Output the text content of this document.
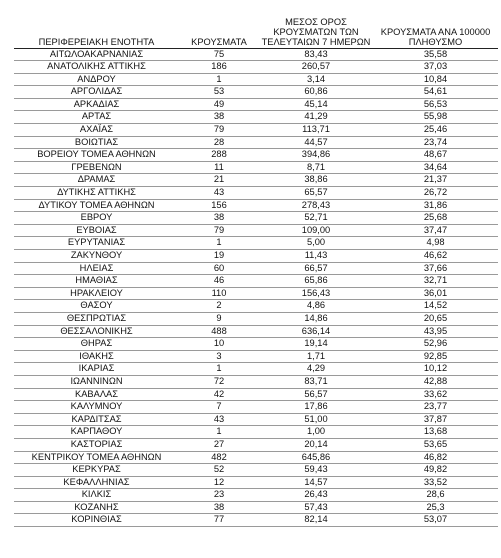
ΠΕΡΙΦΕΡΕΙΑΚΗ ΕΝΟΤΗΤΑ	ΚΡΟΥΣΜΑΤΑ	ΜΕΣΟΣ ΟΡΟΣ ΚΡΟΥΣΜΑΤΩΝ ΤΩΝ ΤΕΛΕΥΤΑΙΩΝ 7 ΗΜΕΡΩΝ	ΚΡΟΥΣΜΑΤΑ ΑΝΑ 100000 ΠΛΗΘΥΣΜΟ
ΑΙΤΩΛΟΑΚΑΡΝΑΝΙΑΣ	75	83,43	35,58
ΑΝΑΤΟΛΙΚΗΣ ΑΤΤΙΚΗΣ	186	260,57	37,03
ΑΝΔΡΟΥ	1	3,14	10,84
ΑΡΓΟΛΙΔΑΣ	53	60,86	54,61
ΑΡΚΑΔΙΑΣ	49	45,14	56,53
ΑΡΤΑΣ	38	41,29	55,98
ΑΧΑΪΑΣ	79	113,71	25,46
ΒΟΙΩΤΙΑΣ	28	44,57	23,74
ΒΟΡΕΙΟΥ ΤΟΜΕΑ ΑΘΗΝΩΝ	288	394,86	48,67
ΓΡΕΒΕΝΩΝ	11	8,71	34,64
ΔΡΑΜΑΣ	21	38,86	21,37
ΔΥΤΙΚΗΣ ΑΤΤΙΚΗΣ	43	65,57	26,72
ΔΥΤΙΚΟΥ ΤΟΜΕΑ ΑΘΗΝΩΝ	156	278,43	31,86
ΕΒΡΟΥ	38	52,71	25,68
ΕΥΒΟΙΑΣ	79	109,00	37,47
ΕΥΡΥΤΑΝΙΑΣ	1	5,00	4,98
ΖΑΚΥΝΘΟΥ	19	11,43	46,62
ΗΛΕΙΑΣ	60	66,57	37,66
ΗΜΑΘΙΑΣ	46	65,86	32,71
ΗΡΑΚΛΕΙΟΥ	110	156,43	36,01
ΘΑΣΟΥ	2	4,86	14,52
ΘΕΣΠΡΩΤΙΑΣ	9	14,86	20,65
ΘΕΣΣΑΛΟΝΙΚΗΣ	488	636,14	43,95
ΘΗΡΑΣ	10	19,14	52,96
ΙΘΑΚΗΣ	3	1,71	92,85
ΙΚΑΡΙΑΣ	1	4,29	10,12
ΙΩΑΝΝΙΝΩΝ	72	83,71	42,88
ΚΑΒΑΛΑΣ	42	56,57	33,62
ΚΑΛΥΜΝΟΥ	7	17,86	23,77
ΚΑΡΔΙΤΣΑΣ	43	51,00	37,87
ΚΑΡΠΑΘΟΥ	1	1,00	13,68
ΚΑΣΤΟΡΙΑΣ	27	20,14	53,65
ΚΕΝΤΡΙΚΟΥ ΤΟΜΕΑ ΑΘΗΝΩΝ	482	645,86	46,82
ΚΕΡΚΥΡΑΣ	52	59,43	49,82
ΚΕΦΑΛΛΗΝΙΑΣ	12	14,57	33,52
ΚΙΛΚΙΣ	23	26,43	28,6
ΚΟΖΑΝΗΣ	38	57,43	25,3
ΚΟΡΙΝΘΙΑΣ	77	82,14	53,07
